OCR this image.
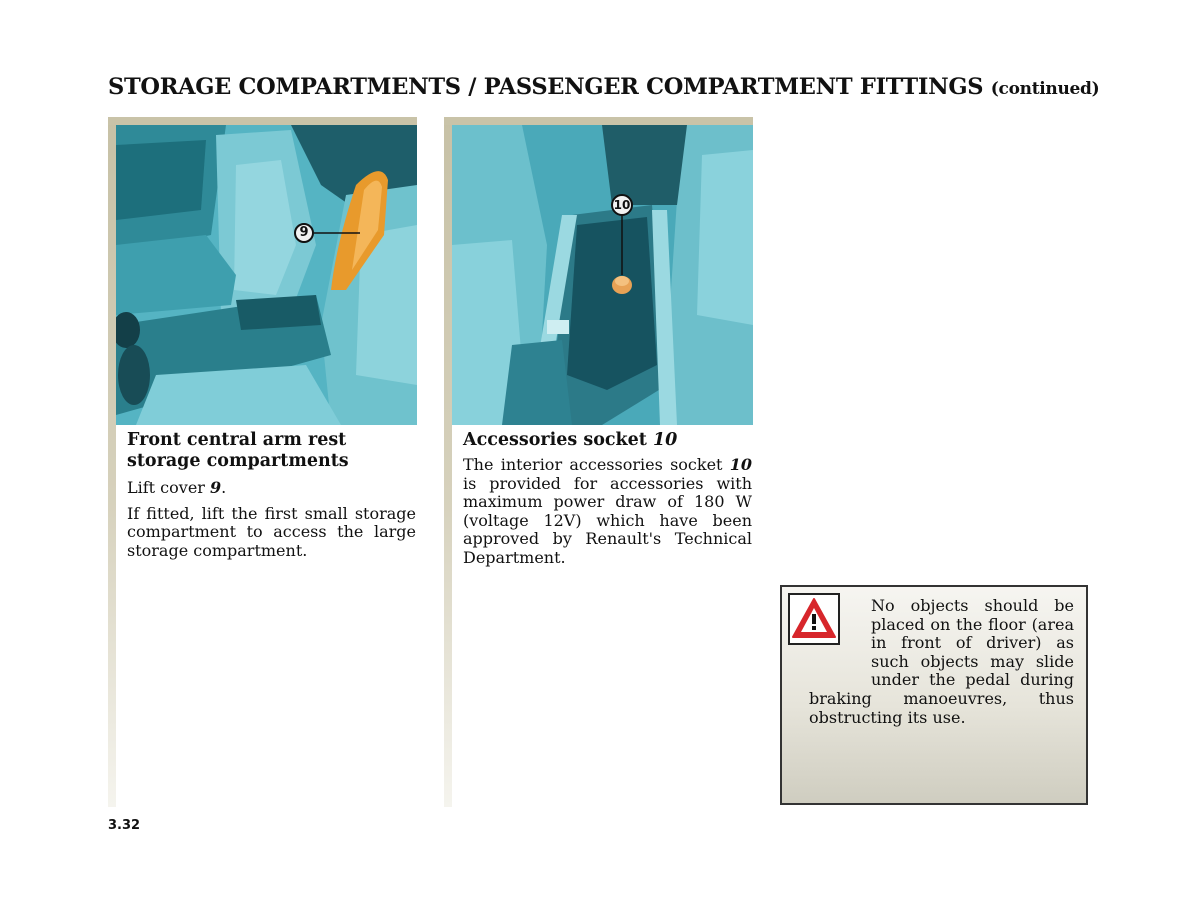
STORAGE COMPARTMENTS / PASSENGER COMPARTMENT FITTINGS (continued)
9

Front central arm rest storage compartments

Lift cover 9.

If fitted, lift the first small storage compartment to access the large storage compartment.

10

Accessories socket 10

The interior accessories socket 10 is provided for accessories with maximum power draw of 180 W (voltage 12V) which have been approved by Renault's Technical Department.

No objects should be placed on the floor (area in front of driver) as such objects may slide under the pedal during braking manoeuvres, thus obstructing its use.
3.32
